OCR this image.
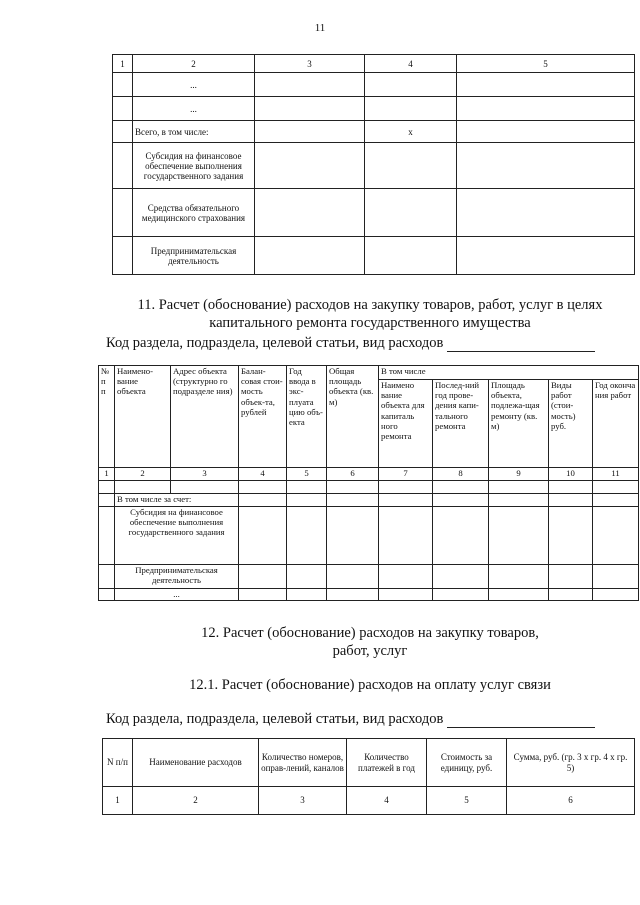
11
1	2	3	4	5
	...			
	...			
	Всего, в том числе:		x	
	Субсидия на финансовое обеспечение выполнения государственного задания			
	Средства обязательного медицинского страхования			
	Предпринимательская деятельность			
11. Расчет (обоснование) расходов на закупку товаров, работ, услуг в целях
капитального ремонта государственного имущества
Код раздела, подраздела, целевой статьи, вид расходов
№ п п	Наимено-вание объекта	Адрес объекта (структурно го подразделе ния)	Балан-совая стои-мость объек-та, рублей	Год ввода в экс-плуата цию объ-екта	Общая площадь объекта (кв. м)	В том числе				
						Наимено вание объекта для капиталь ного ремонта	Послед-ний год прове-дения капи-тального ремонта	Площадь объекта, подлежа-щая ремонту (кв. м)	Виды работ (стои-мость) руб.	Год оконча ния работ
1	2	3	4	5	6	7	8	9	10	11

	В том числе за счет:									
	Субсидия на финансовое обеспечение выполнения государственного задания									
	Предпринимательская деятельность									
	...									
12. Расчет (обоснование) расходов на закупку товаров,
работ, услуг
12.1. Расчет (обоснование) расходов на оплату услуг связи
Код раздела, подраздела, целевой статьи, вид расходов
N п/п	Наименование расходов	Количество номеров, оправ-лений, каналов	Количество платежей в год	Стоимость за единицу, руб.	Сумма, руб. (гр. 3 x гр. 4 x гр. 5)
1	2	3	4	5	6
